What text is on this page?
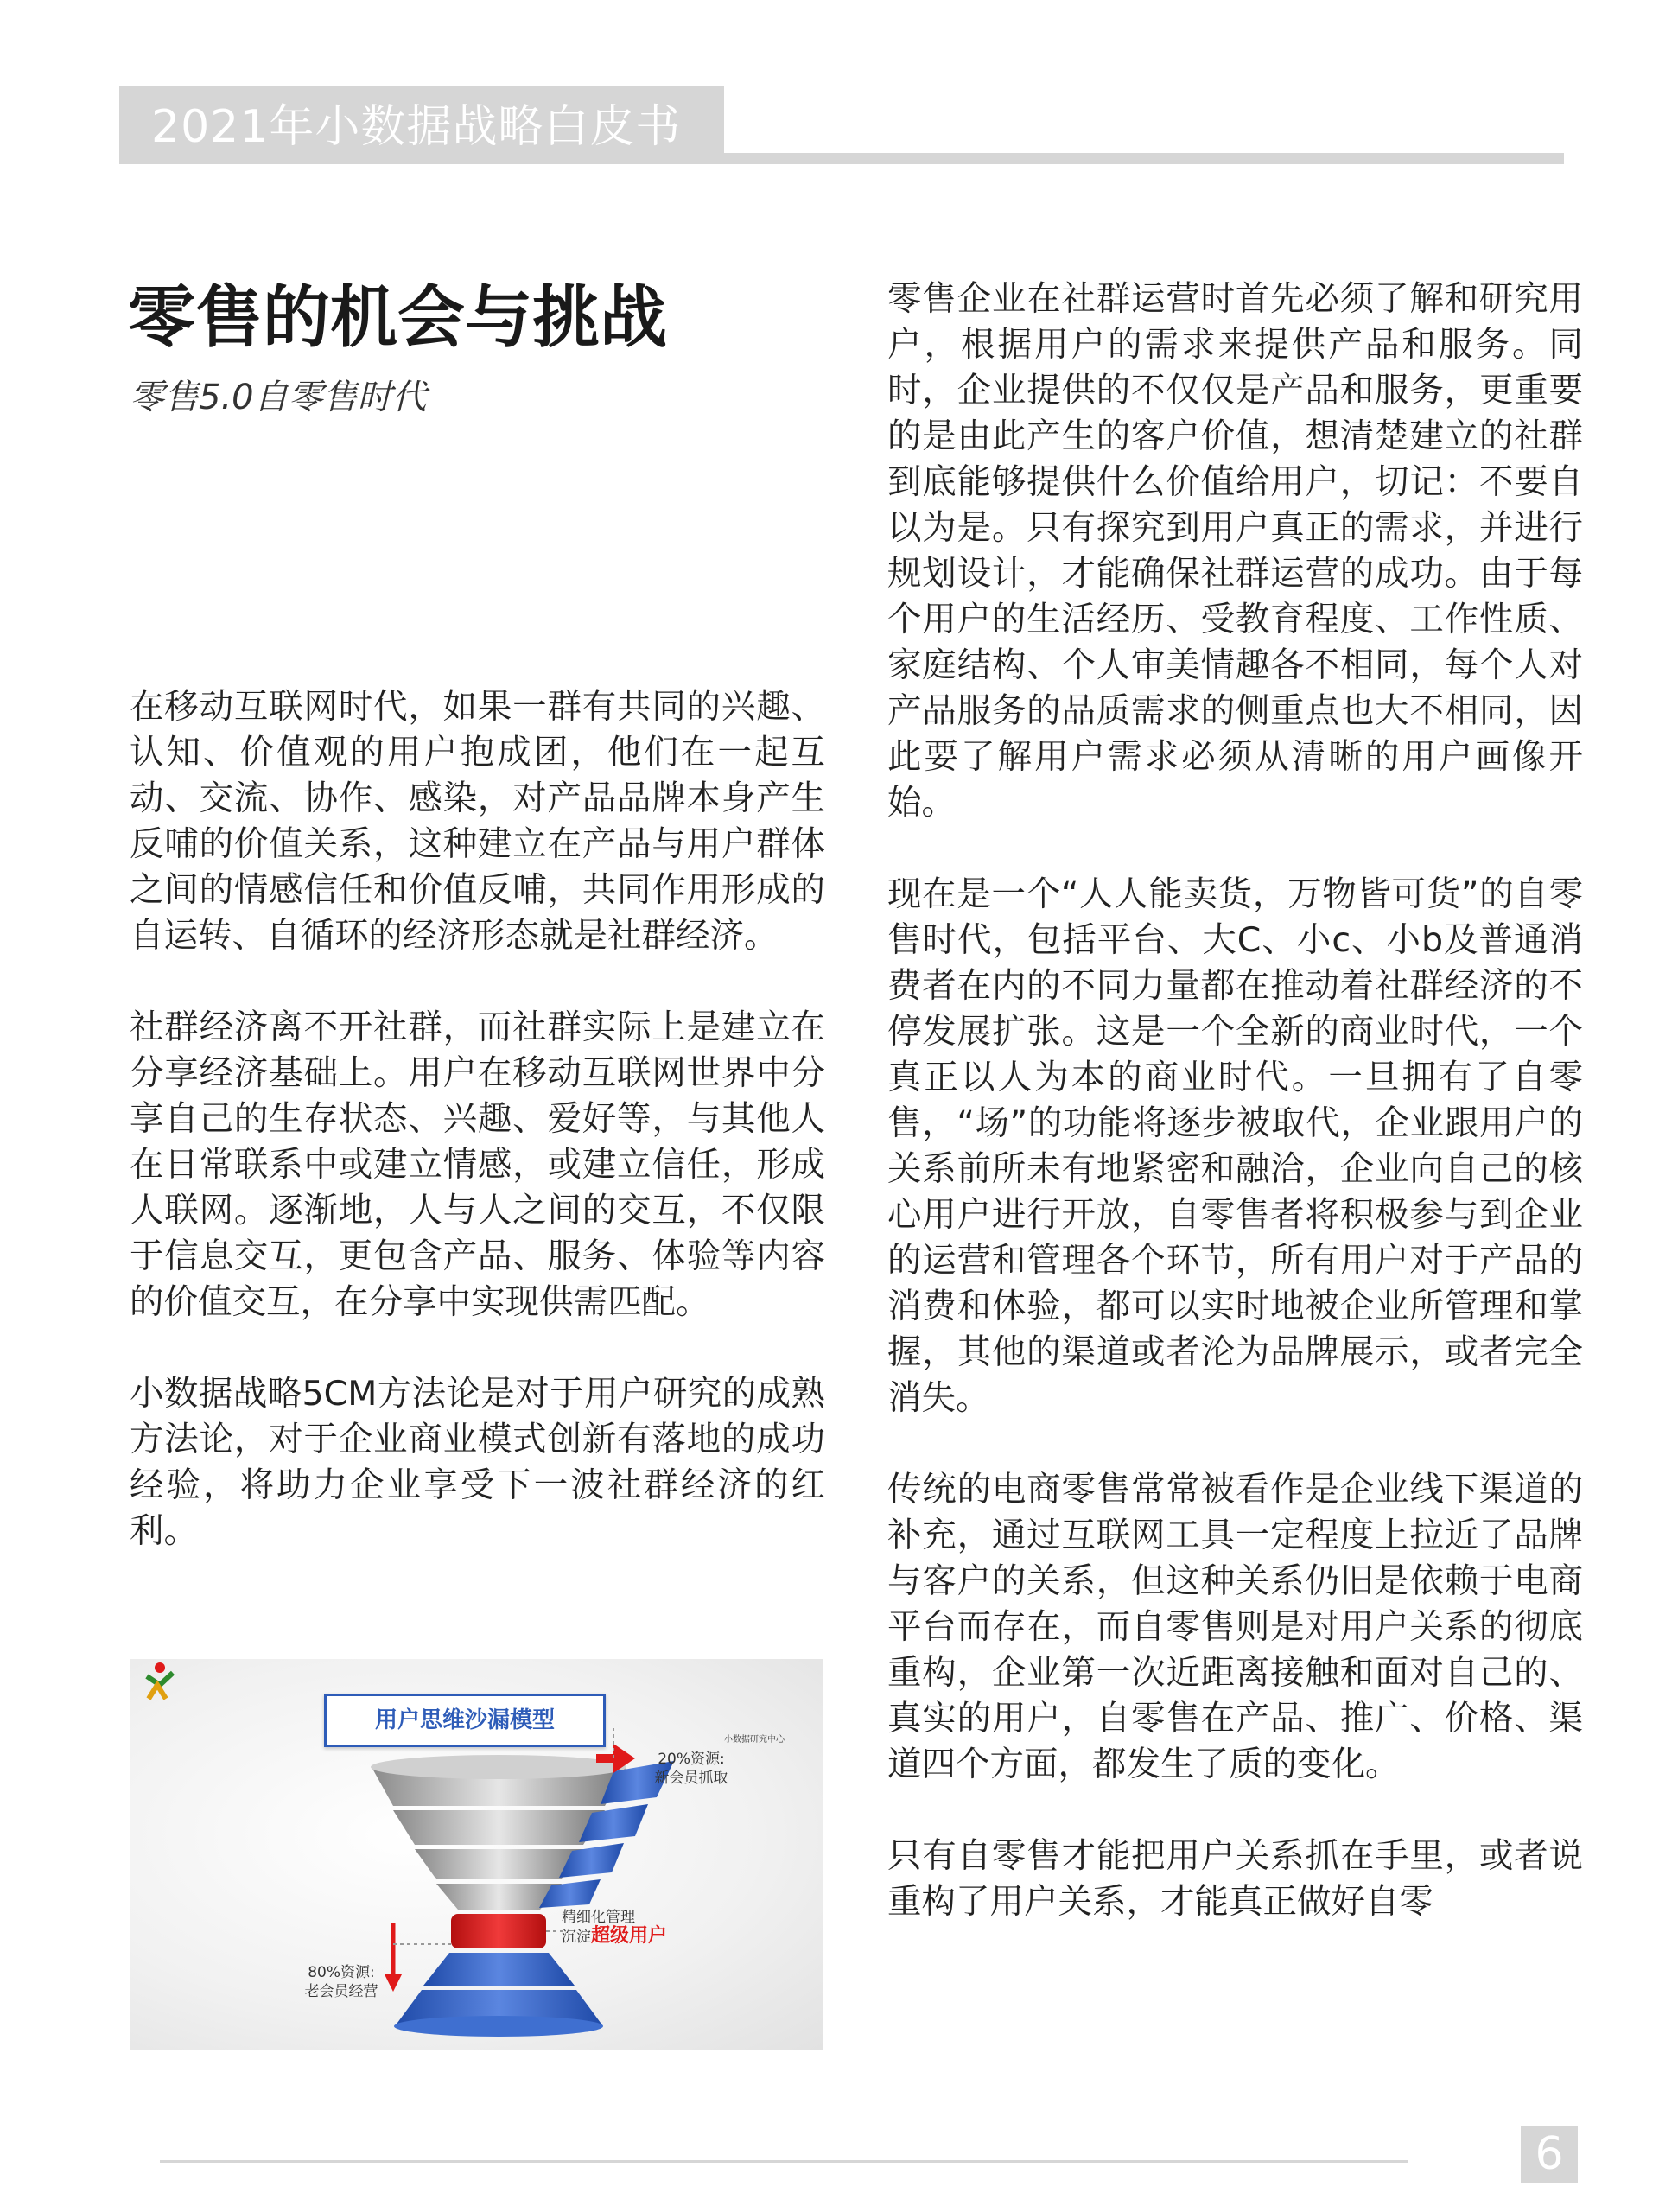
2021年小数据战略白皮书
零售的机会与挑战
零售5.0自零售时代

在移动互联网时代，如果一群有共同的兴趣、认知、价值观的用户抱成团，他们在一起互动、交流、协作、感染，对产品品牌本身产生反哺的价值关系，这种建立在产品与用户群体之间的情感信任和价值反哺，共同作用形成的自运转、自循环的经济形态就是社群经济。

社群经济离不开社群，而社群实际上是建立在分享经济基础上。用户在移动互联网世界中分享自己的生存状态、兴趣、爱好等，与其他人在日常联系中或建立情感，或建立信任，形成人联网。逐渐地，人与人之间的交互，不仅限于信息交互，更包含产品、服务、体验等内容的价值交互，在分享中实现供需匹配。

小数据战略5CM方法论是对于用户研究的成熟方法论，对于企业商业模式创新有落地的成功经验，将助力企业享受下一波社群经济的红利。

用户思维沙漏模型
小数据研究中心
20%资源:
新会员抓取
精细化管理
沉淀超级用户
80%资源:
老会员经营

零售企业在社群运营时首先必须了解和研究用户，根据用户的需求来提供产品和服务。同时，企业提供的不仅仅是产品和服务，更重要的是由此产生的客户价值，想清楚建立的社群到底能够提供什么价值给用户，切记：不要自以为是。只有探究到用户真正的需求，并进行规划设计，才能确保社群运营的成功。由于每个用户的生活经历、受教育程度、工作性质、家庭结构、个人审美情趣各不相同，每个人对产品服务的品质需求的侧重点也大不相同，因此要了解用户需求必须从清晰的用户画像开始。

现在是一个“人人能卖货，万物皆可货”的自零售时代，包括平台、大C、小c、小b及普通消费者在内的不同力量都在推动着社群经济的不停发展扩张。这是一个全新的商业时代，一个真正以人为本的商业时代。一旦拥有了自零售，“场”的功能将逐步被取代，企业跟用户的关系前所未有地紧密和融洽，企业向自己的核心用户进行开放，自零售者将积极参与到企业的运营和管理各个环节，所有用户对于产品的消费和体验，都可以实时地被企业所管理和掌握，其他的渠道或者沦为品牌展示，或者完全消失。

传统的电商零售常常被看作是企业线下渠道的补充，通过互联网工具一定程度上拉近了品牌与客户的关系，但这种关系仍旧是依赖于电商平台而存在，而自零售则是对用户关系的彻底重构，企业第一次近距离接触和面对自己的、真实的用户，自零售在产品、推广、价格、渠道四个方面，都发生了质的变化。

只有自零售才能把用户关系抓在手里，或者说重构了用户关系，才能真正做好自零

6
